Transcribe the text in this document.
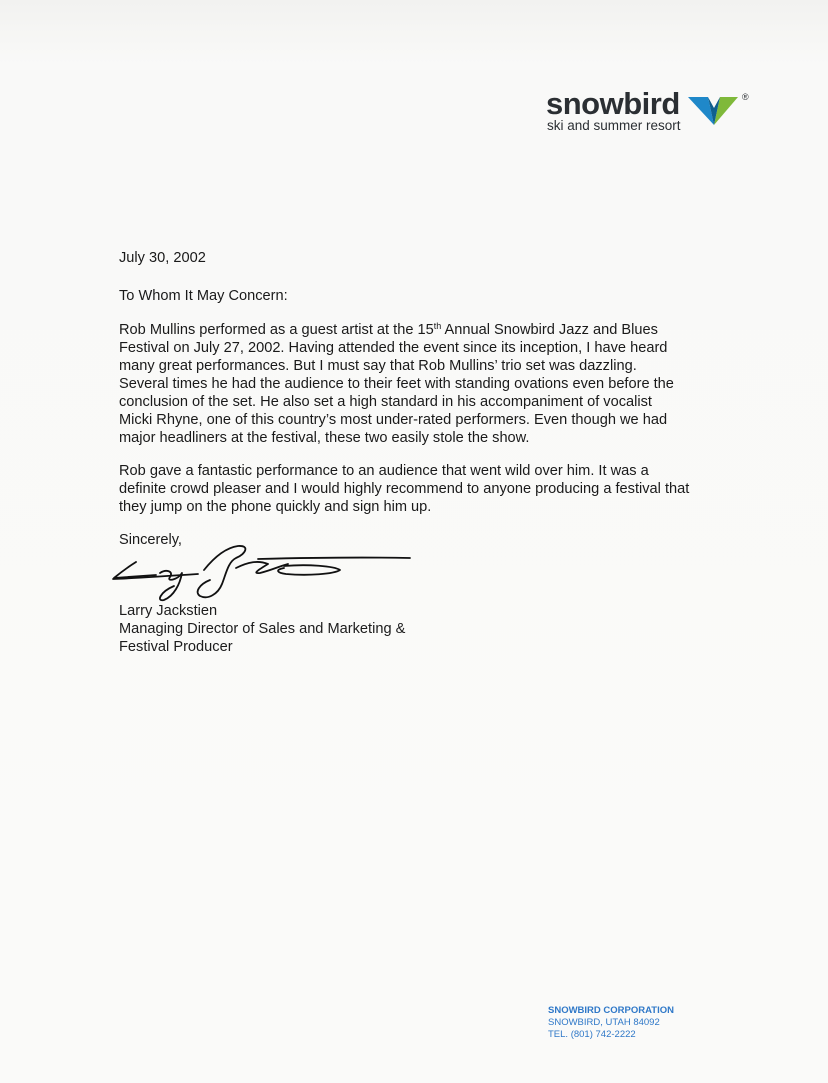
snowbird	®
ski and summer resort
July 30, 2002
To Whom It May Concern:
Rob Mullins performed as a guest artist at the 15th Annual Snowbird Jazz and Blues
Festival on July 27, 2002. Having attended the event since its inception, I have heard
many great performances. But I must say that Rob Mullins’ trio set was dazzling.
Several times he had the audience to their feet with standing ovations even before the
conclusion of the set. He also set a high standard in his accompaniment of vocalist
Micki Rhyne, one of this country’s most under-rated performers. Even though we had
major headliners at the festival, these two easily stole the show.
Rob gave a fantastic performance to an audience that went wild over him. It was a
definite crowd pleaser and I would highly recommend to anyone producing a festival that
they jump on the phone quickly and sign him up.
Sincerely,
Larry Jackstien
Managing Director of Sales and Marketing &
Festival Producer
SNOWBIRD CORPORATION
SNOWBIRD, UTAH 84092
TEL. (801) 742-2222
